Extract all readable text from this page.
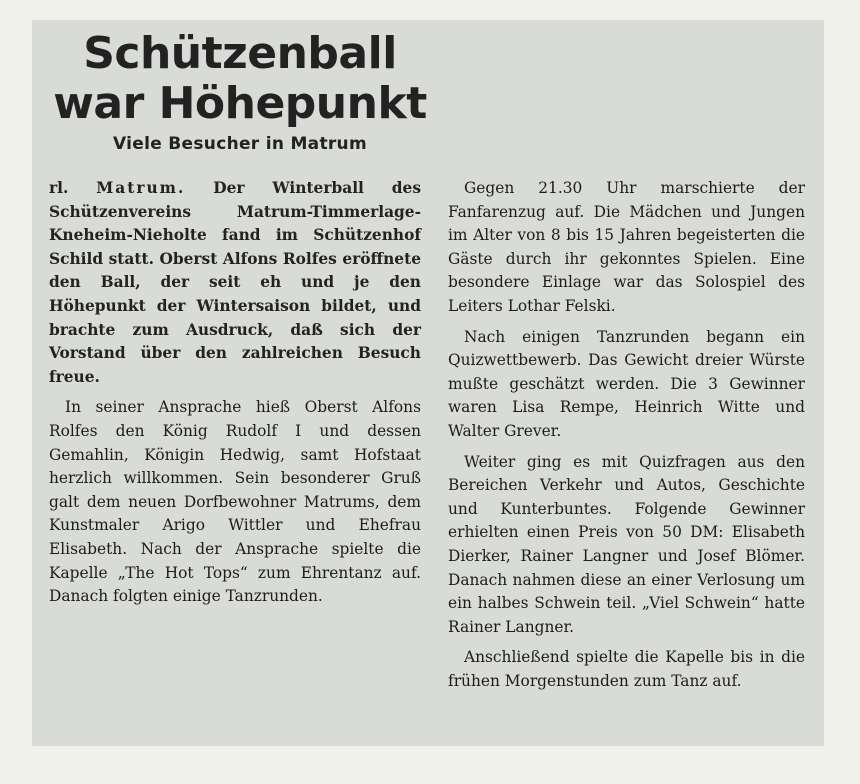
Schützenball
war Höhepunkt
Viele Besucher in Matrum

rl. Matrum. Der Winterball des Schützenvereins Matrum-Timmerlage-Kneheim-Nieholte fand im Schützenhof Schild statt. Oberst Alfons Rolfes eröffnete den Ball, der seit eh und je den Höhepunkt der Wintersaison bildet, und brachte zum Ausdruck, daß sich der Vorstand über den zahlreichen Besuch freue.

In seiner Ansprache hieß Oberst Alfons Rolfes den König Rudolf I und dessen Gemahlin, Königin Hedwig, samt Hofstaat herzlich willkommen. Sein besonderer Gruß galt dem neuen Dorfbewohner Matrums, dem Kunstmaler Arigo Wittler und Ehefrau Elisabeth. Nach der Ansprache spielte die Kapelle „The Hot Tops“ zum Ehrentanz auf. Danach folgten einige Tanzrunden.

Gegen 21.30 Uhr marschierte der Fanfarenzug auf. Die Mädchen und Jungen im Alter von 8 bis 15 Jahren begeisterten die Gäste durch ihr gekonntes Spielen. Eine besondere Einlage war das Solospiel des Leiters Lothar Felski.

Nach einigen Tanzrunden begann ein Quizwettbewerb. Das Gewicht dreier Würste mußte geschätzt werden. Die 3 Gewinner waren Lisa Rempe, Heinrich Witte und Walter Grever.

Weiter ging es mit Quizfragen aus den Bereichen Verkehr und Autos, Geschichte und Kunterbuntes. Folgende Gewinner erhielten einen Preis von 50 DM: Elisabeth Dierker, Rainer Langner und Josef Blömer. Danach nahmen diese an einer Verlosung um ein halbes Schwein teil. „Viel Schwein“ hatte Rainer Langner.

Anschließend spielte die Kapelle bis in die frühen Morgenstunden zum Tanz auf.
